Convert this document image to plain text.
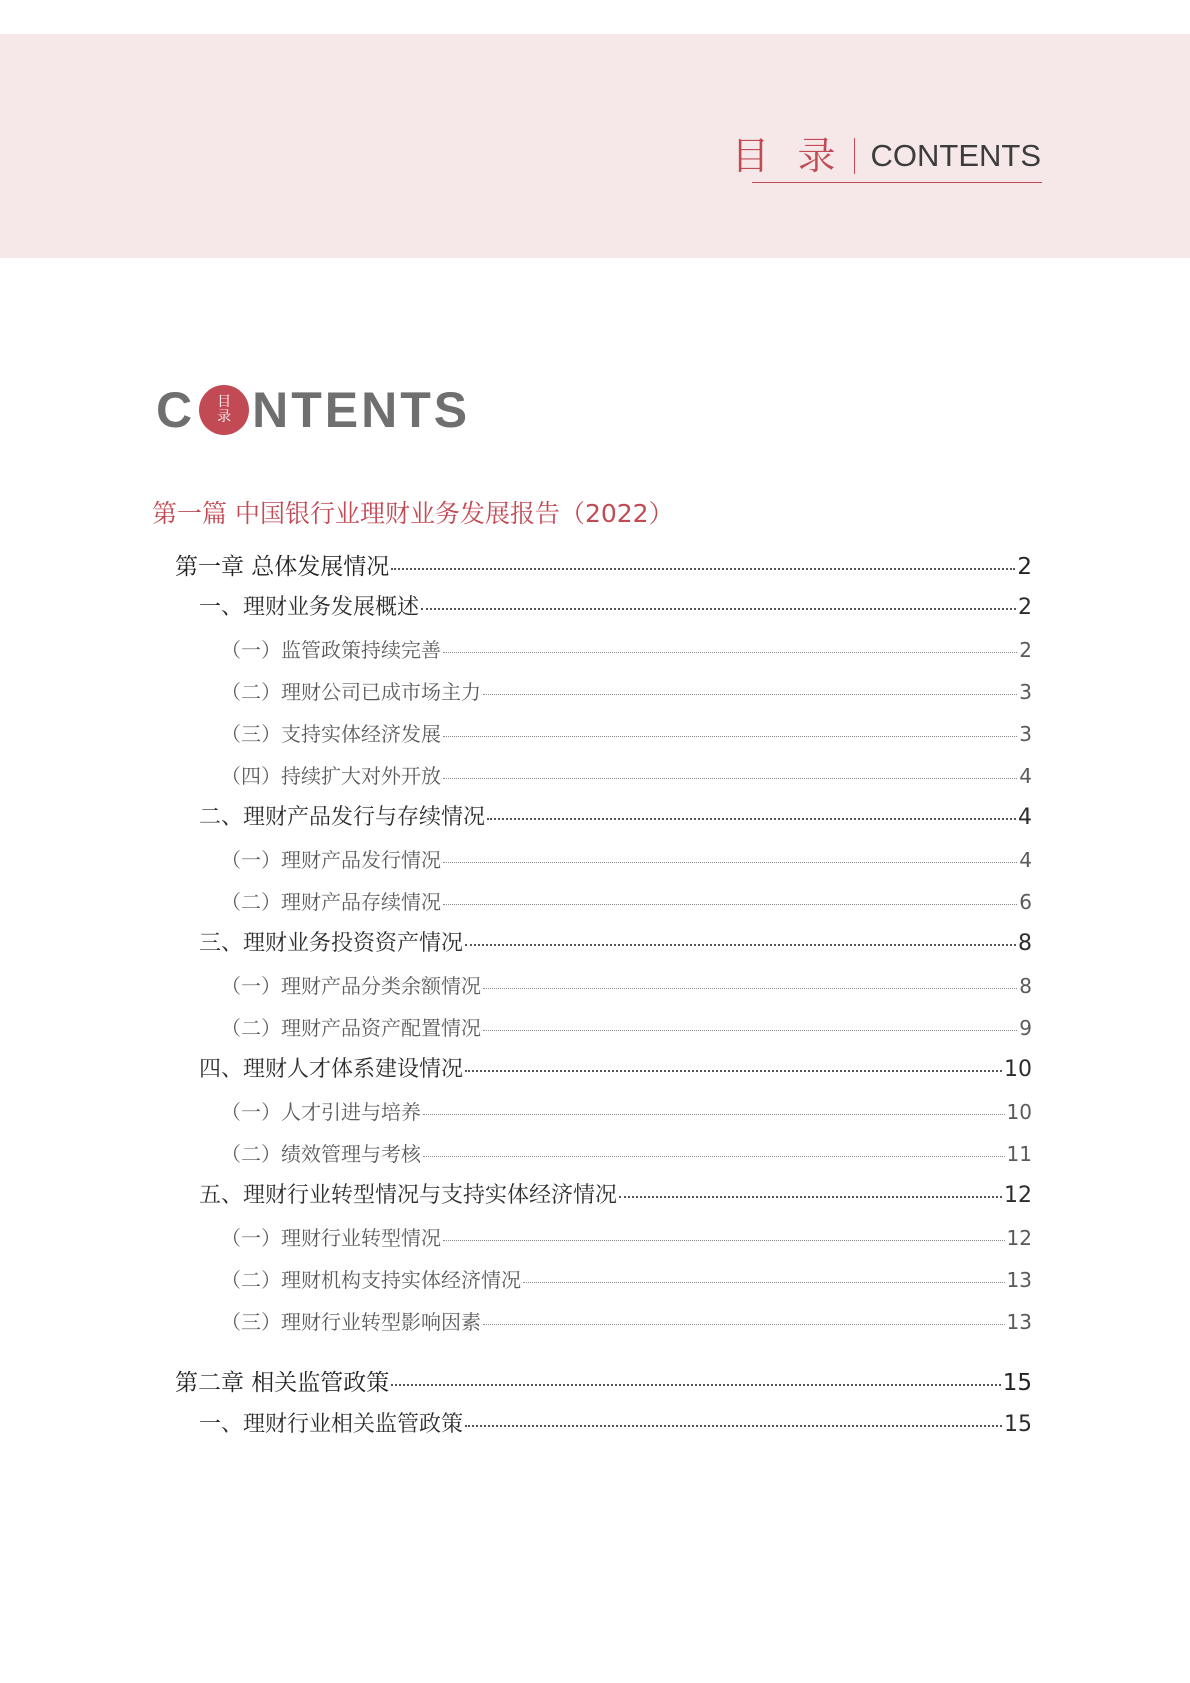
目 录 CONTENTS
C 目
录 NTENTS
第一篇 中国银行业理财业务发展报告（2022）
第一章 总体发展情况	2
一、理财业务发展概述	2
（一）监管政策持续完善	2
（二）理财公司已成市场主力	3
（三）支持实体经济发展	3
（四）持续扩大对外开放	4
二、理财产品发行与存续情况	4
（一）理财产品发行情况	4
（二）理财产品存续情况	6
三、理财业务投资资产情况	8
（一）理财产品分类余额情况	8
（二）理财产品资产配置情况	9
四、理财人才体系建设情况	10
（一）人才引进与培养	10
（二）绩效管理与考核	11
五、理财行业转型情况与支持实体经济情况	12
（一）理财行业转型情况	12
（二）理财机构支持实体经济情况	13
（三）理财行业转型影响因素	13
第二章 相关监管政策	15
一、理财行业相关监管政策	15
